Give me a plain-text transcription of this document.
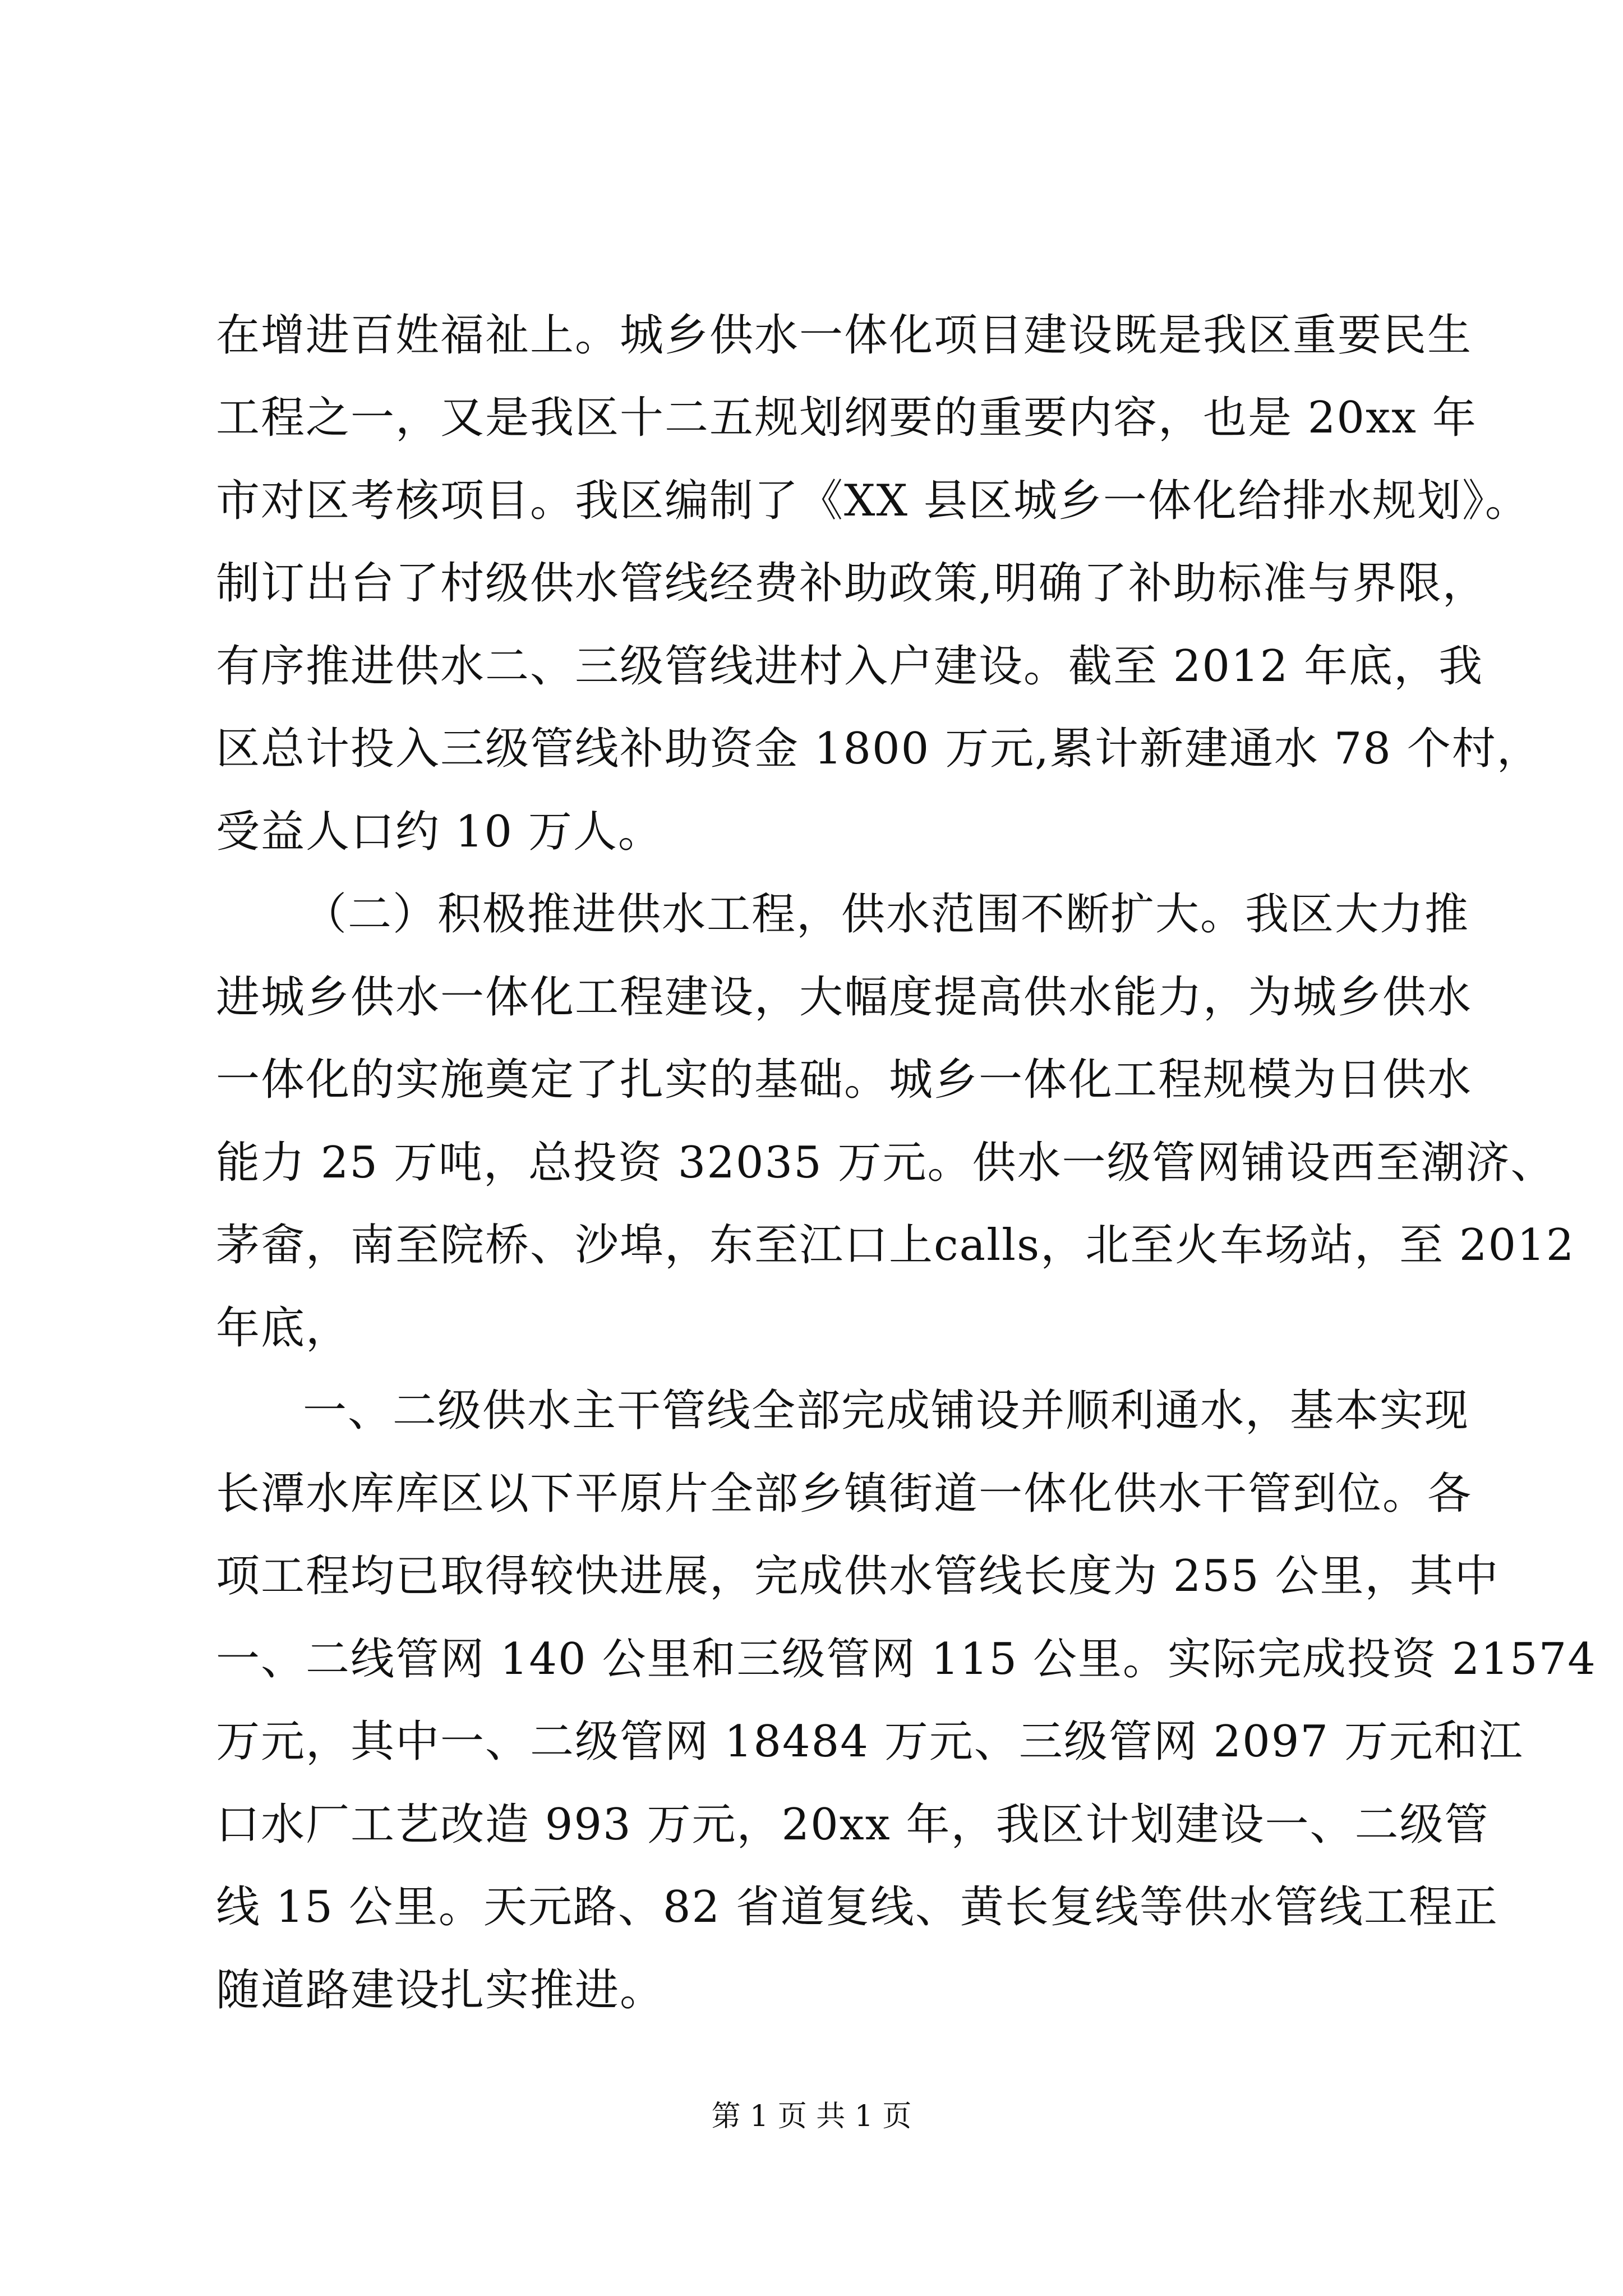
在增进百姓福祉上。城乡供水一体化项目建设既是我区重要民生
工程之一，又是我区十二五规划纲要的重要内容，也是 20xx 年
市对区考核项目。我区编制了《XX 县区城乡一体化给排水规划》。
制订出台了村级供水管线经费补助政策,明确了补助标准与界限，
有序推进供水二、三级管线进村入户建设。截至 2012 年底，我
区总计投入三级管线补助资金 1800 万元,累计新建通水 78 个村，
受益人口约 10 万人。
（二）积极推进供水工程，供水范围不断扩大。我区大力推
进城乡供水一体化工程建设，大幅度提高供水能力，为城乡供水
一体化的实施奠定了扎实的基础。城乡一体化工程规模为日供水
能力 25 万吨，总投资 32035 万元。供水一级管网铺设西至潮济、
茅畲，南至院桥、沙埠，东至江口上calls，北至火车场站，至 2012
年底，
一、二级供水主干管线全部完成铺设并顺利通水，基本实现
长潭水库库区以下平原片全部乡镇街道一体化供水干管到位。各
项工程均已取得较快进展，完成供水管线长度为 255 公里，其中
一、二线管网 140 公里和三级管网 115 公里。实际完成投资 21574
万元，其中一、二级管网 18484 万元、三级管网 2097 万元和江
口水厂工艺改造 993 万元，20xx 年，我区计划建设一、二级管
线 15 公里。天元路、82 省道复线、黄长复线等供水管线工程正
随道路建设扎实推进。
第 1 页 共 1 页
